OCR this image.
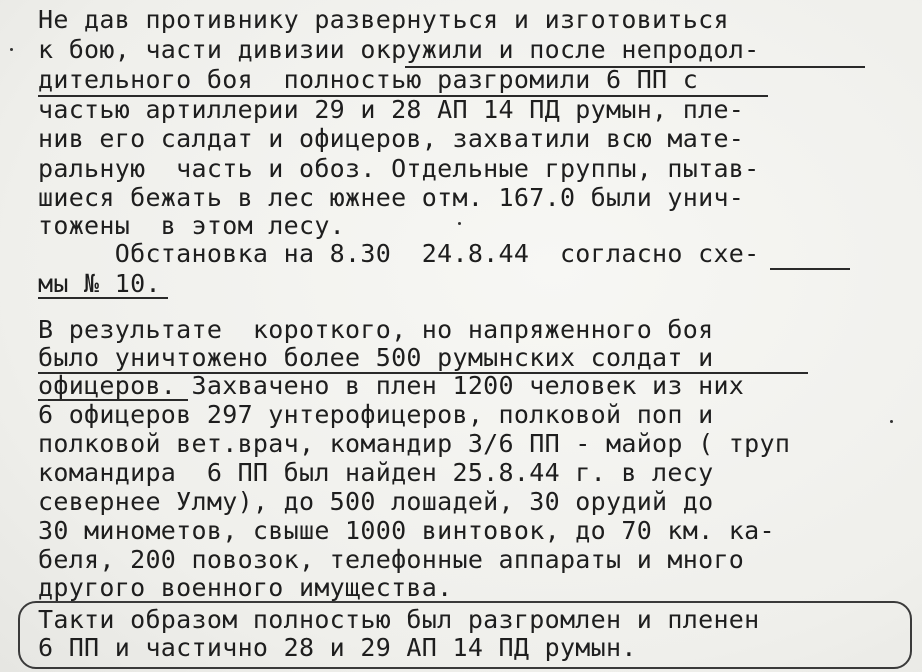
Не дав противнику развернуться и изготовиться
к бою, части дивизии окружили и после непродол-
дительного боя  полностью разгромили 6 ПП с
частью артиллерии 29 и 28 АП 14 ПД румын, пле-
нив его салдат и офицеров, захватили всю мате-
ральную  часть и обоз. Отдельные группы, пытав-
шиеся бежать в лес южнее отм. 167.0 были унич-
тожены  в этом лесу.
Обстановка на 8.30  24.8.44  согласно схе-
мы № 10.
В результате  короткого, но напряженного боя
было уничтожено более 500 румынских солдат и
офицеров. Захвачено в плен 1200 человек из них
6 офицеров 297 унтерофицеров, полковой поп и
полковой вет.врач, командир 3/6 ПП - майор ( труп
командира  6 ПП был найден 25.8.44 г. в лесу
севернее Улму), до 500 лошадей, 30 орудий до
30 минометов, свыше 1000 винтовок, до 70 км. ка-
беля, 200 повозок, телефонные аппараты и много
другого военного имущества.
Такти образом полностью был разгромлен и пленен
6 ПП и частично 28 и 29 АП 14 ПД румын.
